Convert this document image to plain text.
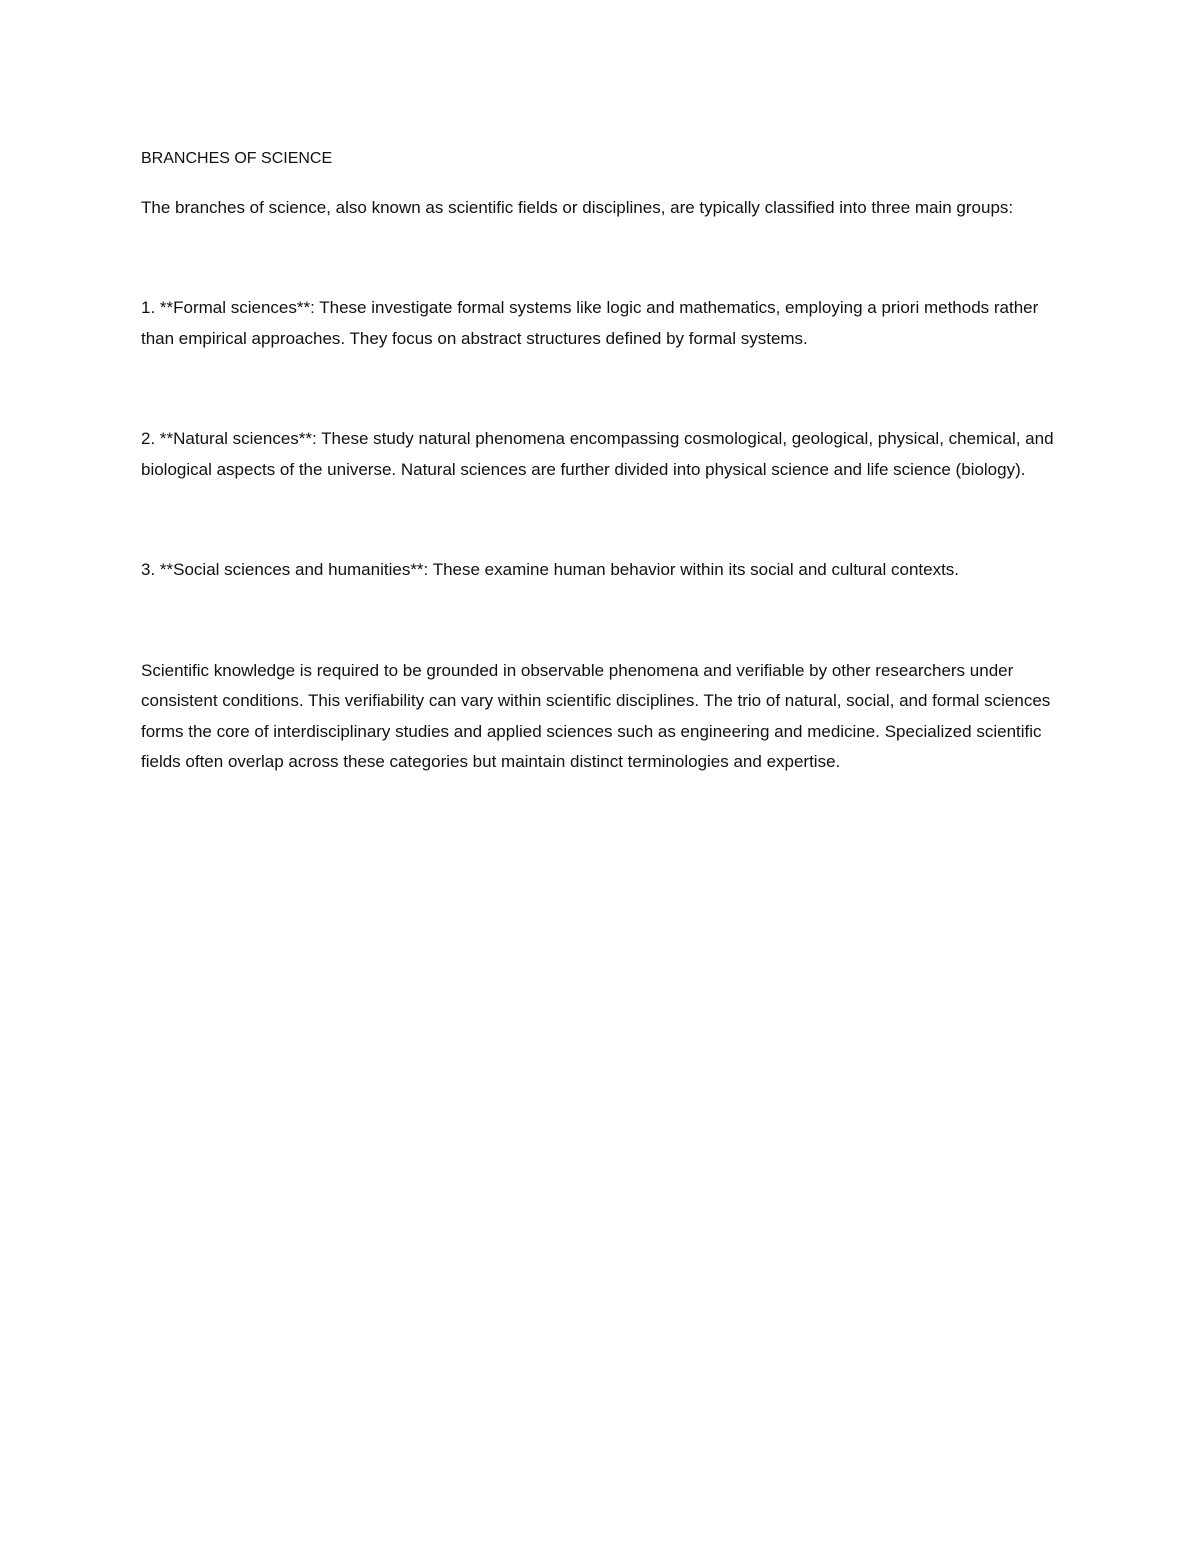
BRANCHES OF SCIENCE

The branches of science, also known as scientific fields or disciplines, are typically classified into three main groups:

1. **Formal sciences**: These investigate formal systems like logic and mathematics, employing a priori methods rather than empirical approaches. They focus on abstract structures defined by formal systems.

2. **Natural sciences**: These study natural phenomena encompassing cosmological, geological, physical, chemical, and biological aspects of the universe. Natural sciences are further divided into physical science and life science (biology).

3. **Social sciences and humanities**: These examine human behavior within its social and cultural contexts.

Scientific knowledge is required to be grounded in observable phenomena and verifiable by other researchers under consistent conditions. This verifiability can vary within scientific disciplines. The trio of natural, social, and formal sciences forms the core of interdisciplinary studies and applied sciences such as engineering and medicine. Specialized scientific fields often overlap across these categories but maintain distinct terminologies and expertise.
